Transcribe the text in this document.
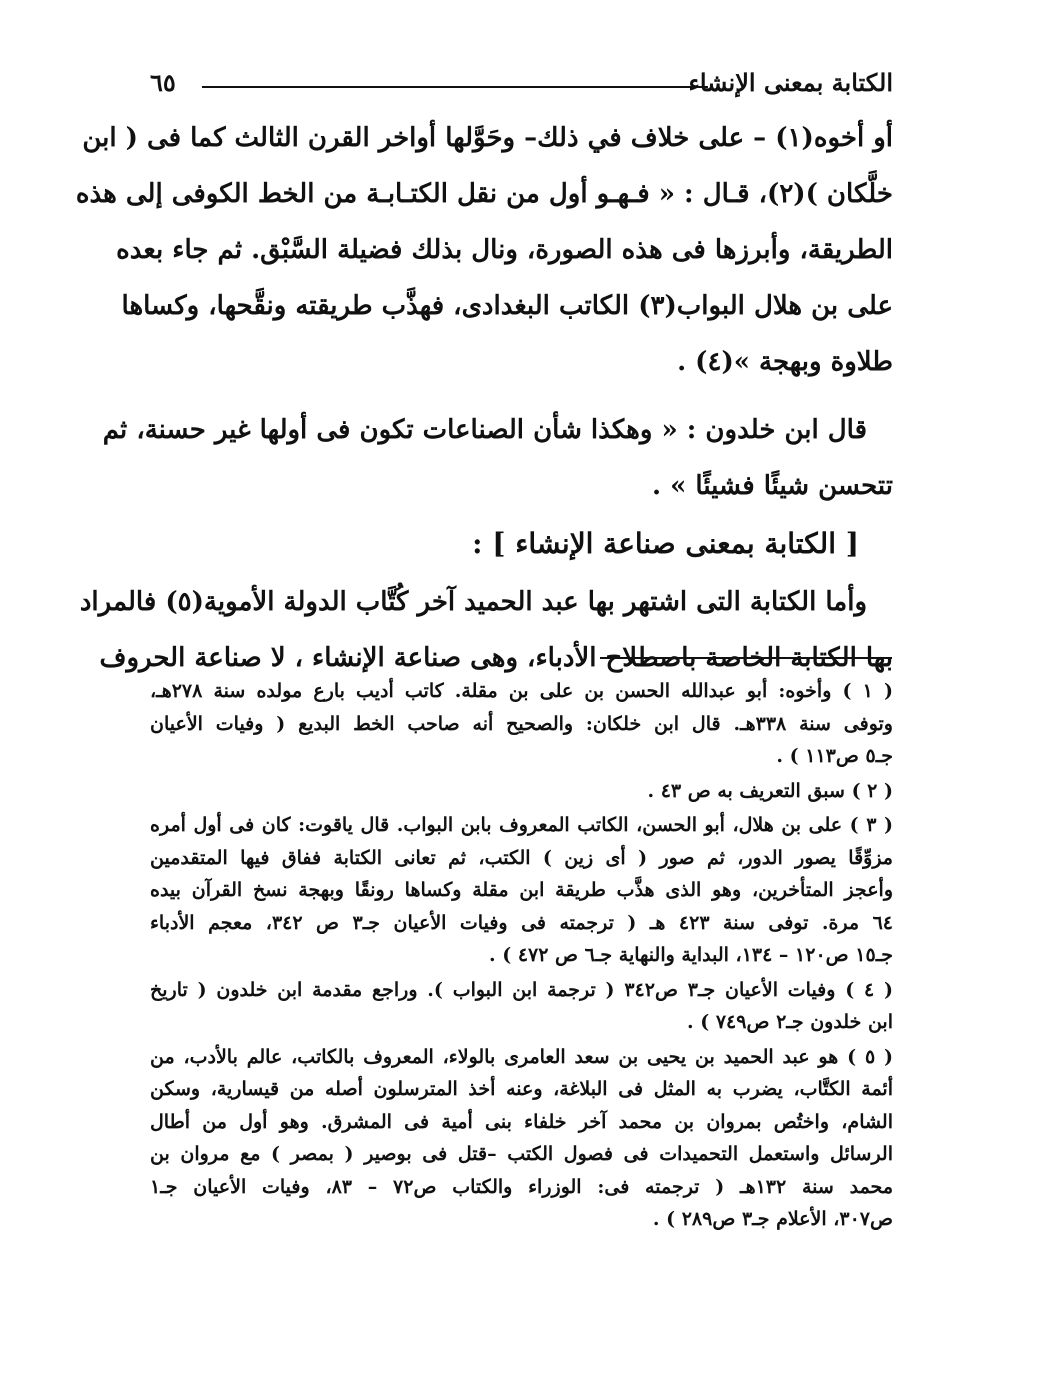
الكتابة بمعنى الإنشاء
٦٥
أو أخوه(١) – على خلاف في ذلك– وحَوَّلها أواخر القرن الثالث كما فى ( ابن
خلَّكان )(٢)، قـال : « فـهـو أول من نقل الكتـابـة من الخط الكوفى إلى هذه
الطريقة، وأبرزها فى هذه الصورة، ونال بذلك فضيلة السَّبْق. ثم جاء بعده
على بن هلال البواب(٣) الكاتب البغدادى، فهذَّب طريقته ونقَّحها، وكساها
طلاوة وبهجة »(٤) .
قال ابن خلدون : « وهكذا شأن الصناعات تكون فى أولها غير حسنة، ثم
تتحسن شيئًا فشيئًا » .
[ الكتابة بمعنى صناعة الإنشاء ] :
وأما الكتابة التى اشتهر بها عبد الحميد آخر كُتَّاب الدولة الأموية(٥) فالمراد
بها الكتابة الخاصة باصطلاح الأدباء، وهى صناعة الإنشاء ، لا صناعة الحروف
( ١ ) وأخوه: أبو عبدالله الحسن بن على بن مقلة. كاتب أديب بارع مولده سنة ٢٧٨هـ،
وتوفى سنة ٣٣٨هـ. قال ابن خلكان: والصحيح أنه صاحب الخط البديع ( وفيات الأعيان
جـ٥ ص١١٣ ) .
( ٢ ) سبق التعريف به ص ٤٣ .
( ٣ ) على بن هلال، أبو الحسن، الكاتب المعروف بابن البواب. قال ياقوت: كان فى أول أمره
مزوِّقًا يصور الدور، ثم صور ( أى زين ) الكتب، ثم تعانى الكتابة ففاق فيها المتقدمين
وأعجز المتأخرين، وهو الذى هذَّب طريقة ابن مقلة وكساها رونقًا وبهجة نسخ القرآن بيده
٦٤ مرة. توفى سنة ٤٢٣ هـ ( ترجمته فى وفيات الأعيان جـ٣ ص ٣٤٢، معجم الأدباء
جـ١٥ ص١٢٠ – ١٣٤، البداية والنهاية جـ٦ ص ٤٧٢ ) .
( ٤ ) وفيات الأعيان جـ٣ ص٣٤٢ ( ترجمة ابن البواب ). وراجع مقدمة ابن خلدون ( تاريخ
ابن خلدون جـ٢ ص٧٤٩ ) .
( ٥ ) هو عبد الحميد بن يحيى بن سعد العامرى بالولاء، المعروف بالكاتب، عالم بالأدب، من
أئمة الكتَّاب، يضرب به المثل فى البلاغة، وعنه أخذ المترسلون أصله من قيسارية، وسكن
الشام، واختُص بمروان بن محمد آخر خلفاء بنى أمية فى المشرق. وهو أول من أطال
الرسائل واستعمل التحميدات فى فصول الكتب –قتل فى بوصير ( بمصر ) مع مروان بن
محمد سنة ١٣٢هـ ( ترجمته فى: الوزراء والكتاب ص٧٢ – ٨٣، وفيات الأعيان جـ١
ص٣٠٧، الأعلام جـ٣ ص٢٨٩ ) .
